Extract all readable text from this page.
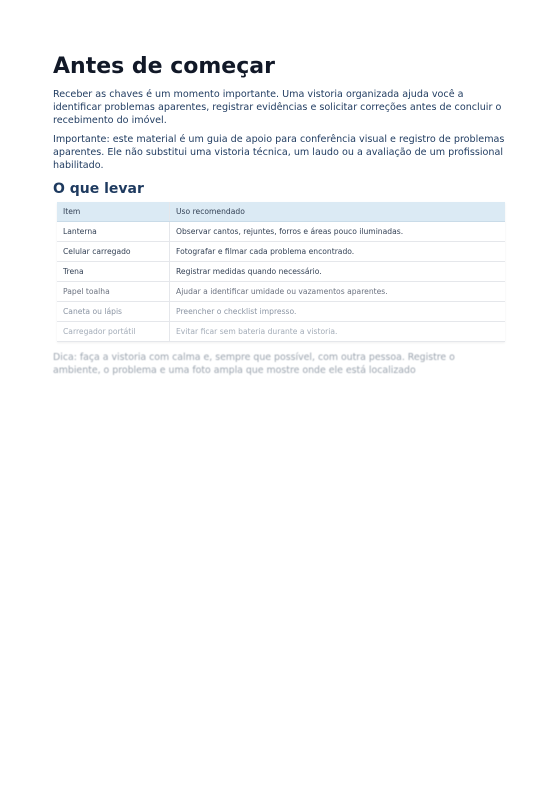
Antes de começar

Receber as chaves é um momento importante. Uma vistoria organizada ajuda você a identificar problemas aparentes, registrar evidências e solicitar correções antes de concluir o recebimento do imóvel.

Importante: este material é um guia de apoio para conferência visual e registro de problemas aparentes. Ele não substitui uma vistoria técnica, um laudo ou a avaliação de um profissional habilitado.

O que levar
Item	Uso recomendado
Lanterna	Observar cantos, rejuntes, forros e áreas pouco iluminadas.
Celular carregado	Fotografar e filmar cada problema encontrado.
Trena	Registrar medidas quando necessário.
Papel toalha	Ajudar a identificar umidade ou vazamentos aparentes.
Caneta ou lápis	Preencher o checklist impresso.
Carregador portátil	Evitar ficar sem bateria durante a vistoria.

Dica: faça a vistoria com calma e, sempre que possível, com outra pessoa. Registre o ambiente, o problema e uma foto ampla que mostre onde ele está localizado
